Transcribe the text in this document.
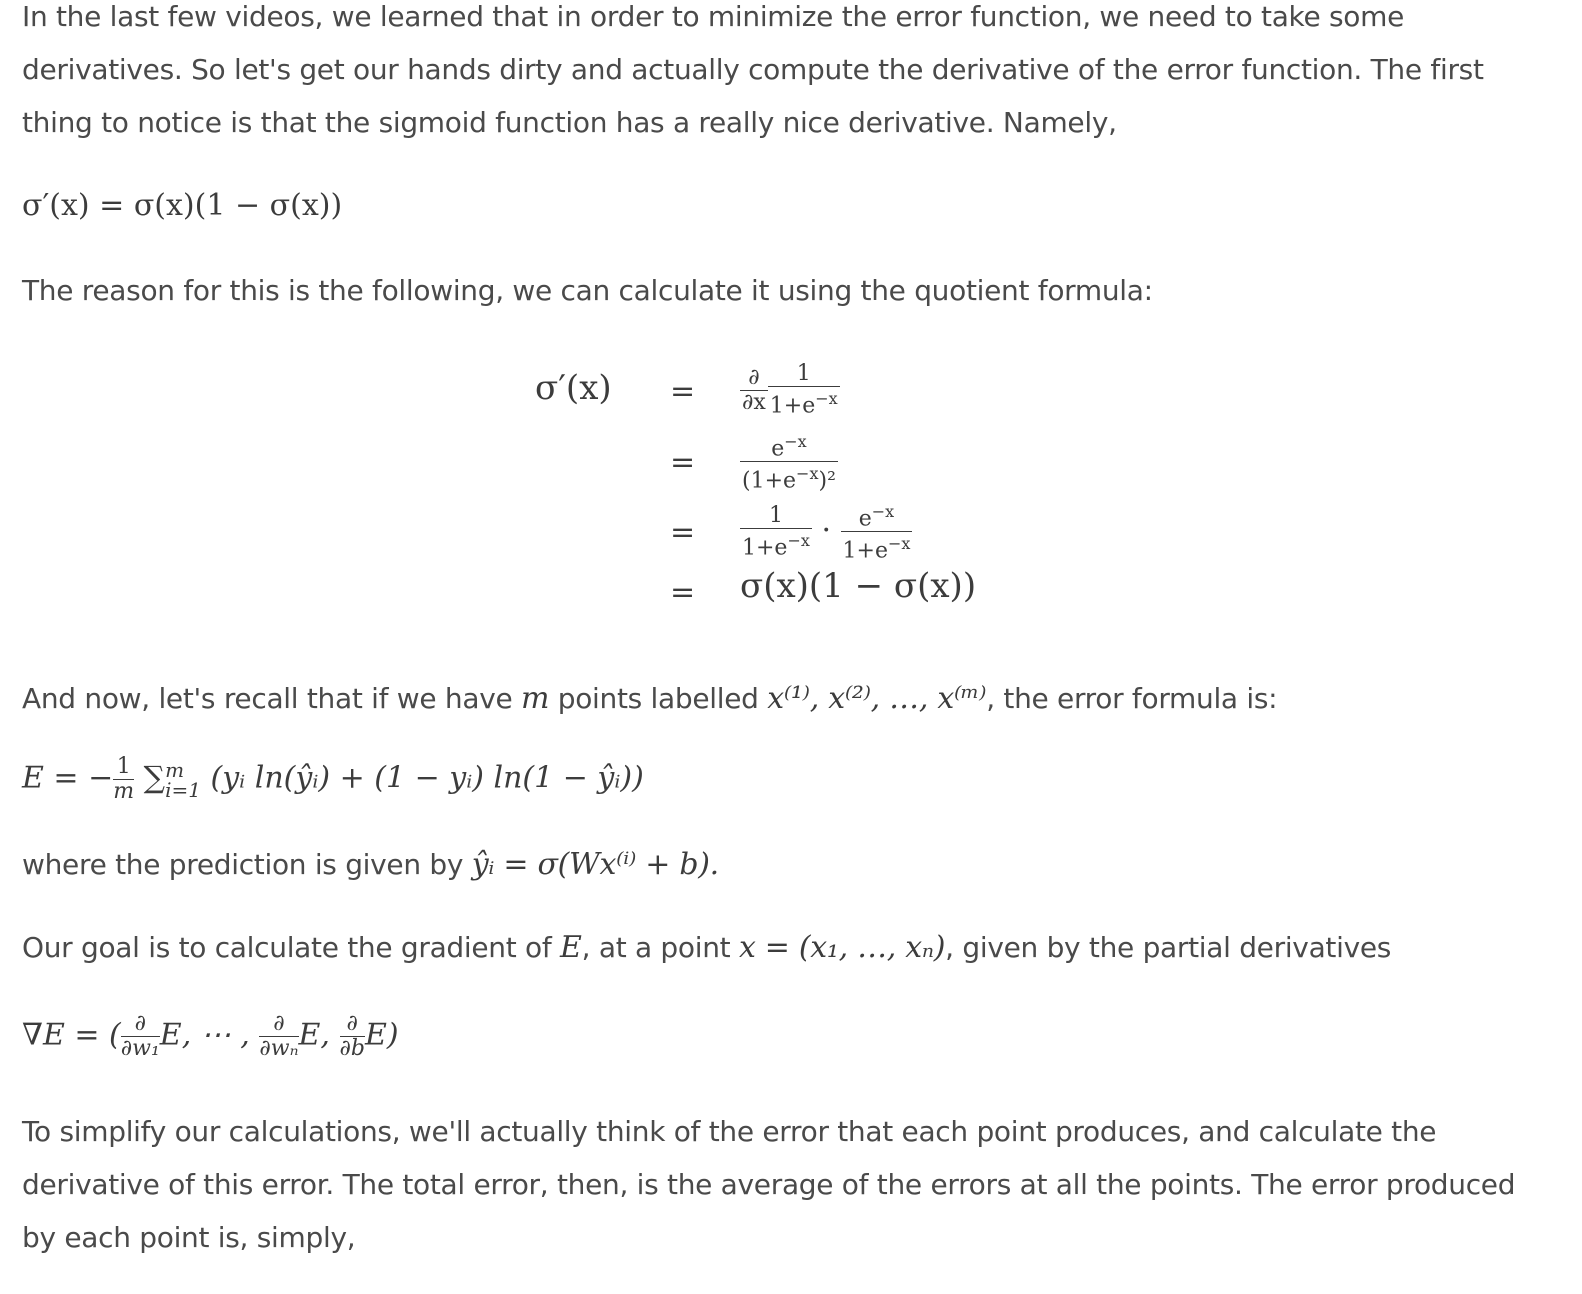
In the last few videos, we learned that in order to minimize the error function, we need to take some derivatives. So let's get our hands dirty and actually compute the derivative of the error function. The first thing to notice is that the sigmoid function has a really nice derivative. Namely,

σ′(x) = σ(x)(1 − σ(x))

The reason for this is the following, we can calculate it using the quotient formula:

$\sigma'(x) = \frac{\partial}{\partial x} \frac{1}{1+e^{-x}}$
= $\frac{e^{-x}}{(1+e^{-x})^2}$
= $\frac{1}{1+e^{-x}} \cdot \frac{e^{-x}}{1+e^{-x}}$
= σ(x)(1 − σ(x))

And now, let's recall that if we have m points labelled x⁽¹⁾, x⁽²⁾, …, x⁽ᵐ⁾, the error formula is:

E = − $\frac{1}{m}$ ∑ m
i=1 (yᵢ ln(ŷᵢ) + (1 − yᵢ) ln(1 − ŷᵢ))

where the prediction is given by ŷᵢ = σ(Wx⁽ⁱ⁾ + b).

Our goal is to calculate the gradient of E, at a point x = (x₁, …, xₙ), given by the partial derivatives

∇E = ( $\frac{\partial}{\text{∂w₁}}E$, ⋯ , $\frac{\partial}{\text{∂wₙ}}E$, $\frac{\partial}{\partial b}E$)

To simplify our calculations, we'll actually think of the error that each point produces, and calculate the derivative of this error. The total error, then, is the average of the errors at all the points. The error produced by each point is, simply,
